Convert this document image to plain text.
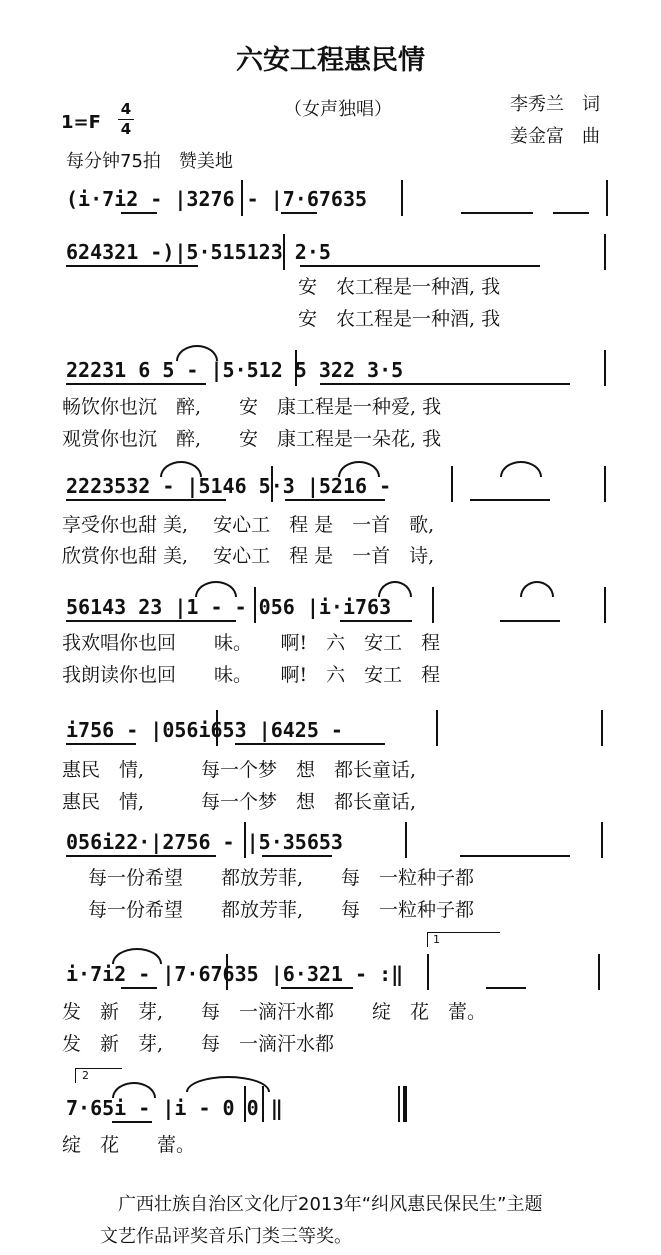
六安工程惠民情
（女声独唱）	李秀兰　词
姜金富　曲
1=F
4
4
每分钟75拍　赞美地
(i·7i2 - |3276 - |7·67635
624321 -)|5·515123 2·5
安　农工程是一种酒, 我
安　农工程是一种酒, 我
22231 6 5 - |5·512 5 322 3·5
畅饮你也沉　醉,　　安　康工程是一种爱, 我
观赏你也沉　醉,　　安　康工程是一朵花, 我
2223532 - |5146 5·3 |5216 -
享受你也甜 美,　 安心工　程 是　一首　歌,
欣赏你也甜 美,　 安心工　程 是　一首　诗,
56143 23 |1 - - 056 |i·i763
我欢唱你也回　　味。　　啊!　六　安工　程
我朗读你也回　　味。　　啊!　六　安工　程
i756 - |056i653 |6425 -
惠民　情,　　　每一个梦　想　都长童话,
惠民　情,　　　每一个梦　想　都长童话,
056i22·|2756 - |5·35653
每一份希望　　都放芳菲,　　每　一粒种子都
每一份希望　　都放芳菲,　　每　一粒种子都
1
i·7i2 - |7·67635 |6·321 - :‖
发　新　芽,　　每　一滴汗水都　　绽　花　蕾。
发　新　芽,　　每　一滴汗水都
2
7·65i - |i - 0 0 ‖
绽　花　　蕾。
广西壮族自治区文化厅2013年“纠风惠民保民生”主题
文艺作品评奖音乐门类三等奖。
